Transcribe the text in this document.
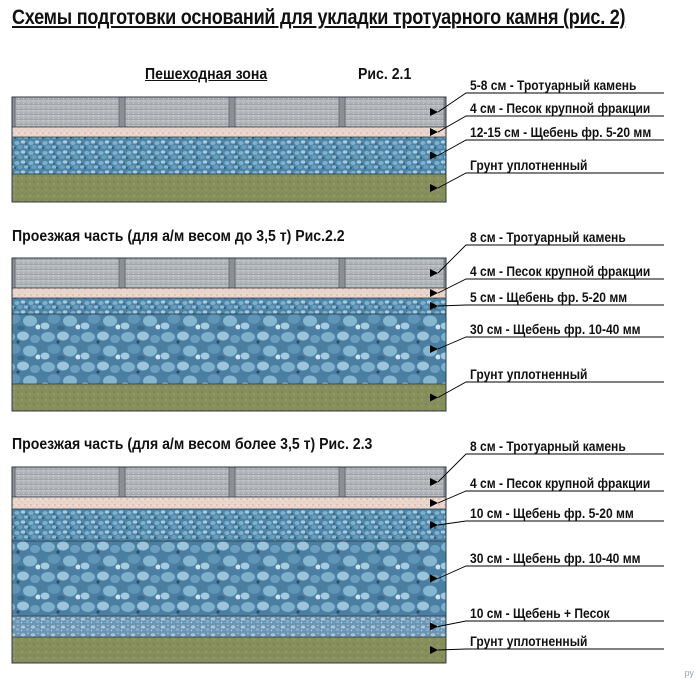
Схемы подготовки оснований для укладки тротуарного камня (рис. 2)
Пешеходная зона	Рис. 2.1
Проезжая часть (для а/м весом до 3,5 т) Рис.2.2
Проезжая часть (для а/м весом более 3,5 т) Рис. 2.3
5-8 см - Тротуарный камень
4 см - Песок крупной фракции
12-15 см - Щебень фр. 5-20 мм
Грунт уплотненный
8 см - Тротуарный камень
4 см - Песок крупной фракции
5 см - Щебень фр. 5-20 мм
30 см - Щебень фр. 10-40 мм
Грунт уплотненный
8 см - Тротуарный камень
4 см - Песок крупной фракции
10 см - Щебень фр. 5-20 мм
30 см - Щебень фр. 10-40 мм
10 см - Щебень + Песок
Грунт уплотненный
ру
